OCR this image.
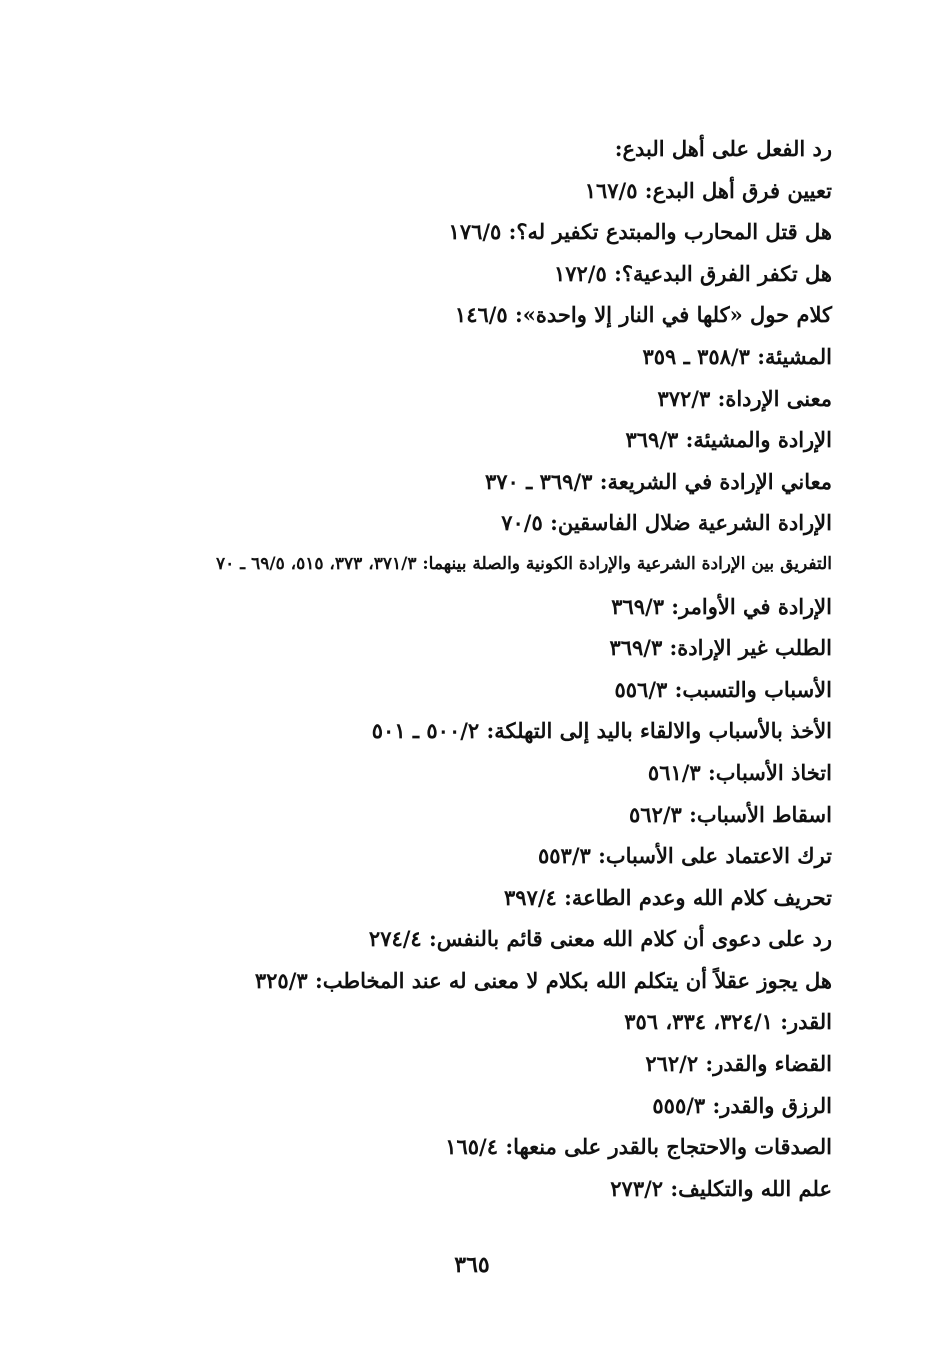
رد الفعل على أهل البدع:
تعيين فرق أهل البدع: ١٦٧/٥
هل قتل المحارب والمبتدع تكفير له؟: ١٧٦/٥
هل تكفر الفرق البدعية؟: ١٧٢/٥
كلام حول «كلها في النار إلا واحدة»: ١٤٦/٥
المشيئة: ٣٥٨/٣ ـ ٣٥٩
معنى الإرداة: ٣٧٢/٣
الإرادة والمشيئة: ٣٦٩/٣
معاني الإرادة في الشريعة: ٣٦٩/٣ ـ ٣٧٠
الإرادة الشرعية ضلال الفاسقين: ٧٠/٥
التفريق بين الإرادة الشرعية والإرادة الكونية والصلة بينهما: ٣٧١/٣، ٣٧٣، ٥١٥، ٦٩/٥ ـ ٧٠
الإرادة في الأوامر: ٣٦٩/٣
الطلب غير الإرادة: ٣٦٩/٣
الأسباب والتسبب: ٥٥٦/٣
الأخذ بالأسباب والالقاء باليد إلى التهلكة: ٥٠٠/٢ ـ ٥٠١
اتخاذ الأسباب: ٥٦١/٣
اسقاط الأسباب: ٥٦٢/٣
ترك الاعتماد على الأسباب: ٥٥٣/٣
تحريف كلام الله وعدم الطاعة: ٣٩٧/٤
رد على دعوى أن كلام الله معنى قائم بالنفس: ٢٧٤/٤
هل يجوز عقلاً أن يتكلم الله بكلام لا معنى له عند المخاطب: ٣٢٥/٣
القدر: ٣٢٤/١، ٣٣٤، ٣٥٦
القضاء والقدر: ٢٦٢/٢
الرزق والقدر: ٥٥٥/٣
الصدقات والاحتجاج بالقدر على منعها: ١٦٥/٤
علم الله والتكليف: ٢٧٣/٢
٣٦٥
